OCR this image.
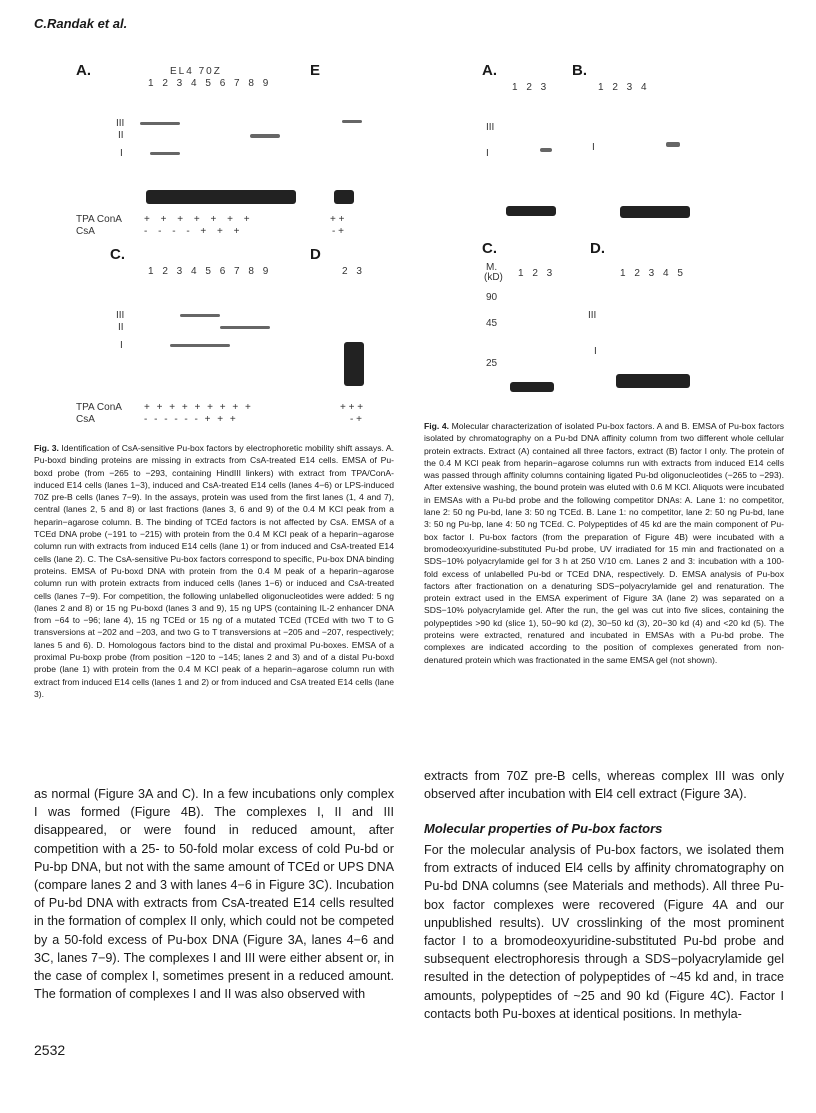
C.Randak et al.
A.	EL4 70Z
1 2 3 4 5 6 7 8 9
III
II
I
E
TPA ConA + + + + + + +	+ +
CsA	- - - - + + +	- +
C.
1 2 3 4 5 6 7 8 9
III
II
I
D
2 3
TPA ConA + + + + + + + + +	+ + +
CsA	- - - - - - + + +	- +
A.
1 2 3
III
I
B.
1 2 3 4
I
C.
M.
(kD) 1 2 3
90
45
25
D.
1 2 3 4 5
III
I
Fig. 3. Identification of CsA-sensitive Pu-box factors by electrophoretic mobility shift assays. A. Pu-boxd binding proteins are missing in extracts from CsA-treated E14 cells. EMSA of Pu-boxd probe (from −265 to −293, containing HindIII linkers) with extract from TPA/ConA-induced E14 cells (lanes 1−3), induced and CsA-treated E14 cells (lanes 4−6) or LPS-induced 70Z pre-B cells (lanes 7−9). In the assays, protein was used from the first lanes (1, 4 and 7), central (lanes 2, 5 and 8) or last fractions (lanes 3, 6 and 9) of the 0.4 M KCl peak from a heparin−agarose column. B. The binding of TCEd factors is not affected by CsA. EMSA of a TCEd DNA probe (−191 to −215) with protein from the 0.4 M KCl peak of a heparin−agarose column run with extracts from induced E14 cells (lane 1) or from induced and CsA-treated E14 cells (lane 2). C. The CsA-sensitive Pu-box factors correspond to specific, Pu-box DNA binding proteins. EMSA of Pu-boxd DNA with protein from the 0.4 M peak of a heparin−agarose column run with protein extracts from induced cells (lanes 1−6) or induced and CsA-treated cells (lanes 7−9). For competition, the following unlabelled oligonucleotides were added: 5 ng (lanes 2 and 8) or 15 ng Pu-boxd (lanes 3 and 9), 15 ng UPS (containing IL-2 enhancer DNA from −64 to −96; lane 4), 15 ng TCEd or 15 ng of a mutated TCEd (TCEd with two T to G transversions at −202 and −203, and two G to T transversions at −205 and −207, respectively; lanes 5 and 6). D. Homologous factors bind to the distal and proximal Pu-boxes. EMSA of a proximal Pu-boxp probe (from position −120 to −145; lanes 2 and 3) and of a distal Pu-boxd probe (lane 1) with protein from the 0.4 M KCl peak of a heparin−agarose column run with extract from induced E14 cells (lanes 1 and 2) or from induced and CsA treated E14 cells (lane 3).
Fig. 4. Molecular characterization of isolated Pu-box factors. A and B. EMSA of Pu-box factors isolated by chromatography on a Pu-bd DNA affinity column from two different whole cellular protein extracts. Extract (A) contained all three factors, extract (B) factor I only. The protein of the 0.4 M KCl peak from heparin−agarose columns run with extracts from induced E14 cells was passed through affinity columns containing ligated Pu-bd oligonucleotides (−265 to −293). After extensive washing, the bound protein was eluted with 0.6 M KCl. Aliquots were incubated in EMSAs with a Pu-bd probe and the following competitor DNAs: A. Lane 1: no competitor, lane 2: 50 ng Pu-bd, lane 3: 50 ng TCEd. B. Lane 1: no competitor, lane 2: 50 ng Pu-bd, lane 3: 50 ng Pu-bp, lane 4: 50 ng TCEd. C. Polypeptides of 45 kd are the main component of Pu-box factor I. Pu-box factors (from the preparation of Figure 4B) were incubated with a bromodeoxyuridine-substituted Pu-bd probe, UV irradiated for 15 min and fractionated on a SDS−10% polyacrylamide gel for 3 h at 250 V/10 cm. Lanes 2 and 3: incubation with a 100-fold excess of unlabelled Pu-bd or TCEd DNA, respectively. D. EMSA analysis of Pu-box factors after fractionation on a denaturing SDS−polyacrylamide gel and renaturation. The protein extract used in the EMSA experiment of Figure 3A (lane 2) was separated on a SDS−10% polyacrylamide gel. After the run, the gel was cut into five slices, containing the polypeptides >90 kd (slice 1), 50−90 kd (2), 30−50 kd (3), 20−30 kd (4) and <20 kd (5). The proteins were extracted, renatured and incubated in EMSAs with a Pu-bd probe. The complexes are indicated according to the position of complexes generated from non-denatured protein which was fractionated in the same EMSA gel (not shown).
as normal (Figure 3A and C). In a few incubations only complex I was formed (Figure 4B). The complexes I, II and III disappeared, or were found in reduced amount, after competition with a 25- to 50-fold molar excess of cold Pu-bd or Pu-bp DNA, but not with the same amount of TCEd or UPS DNA (compare lanes 2 and 3 with lanes 4−6 in Figure 3C). Incubation of Pu-bd DNA with extracts from CsA-treated E14 cells resulted in the formation of complex II only, which could not be competed by a 50-fold excess of Pu-box DNA (Figure 3A, lanes 4−6 and 3C, lanes 7−9). The complexes I and III were either absent or, in the case of complex I, sometimes present in a reduced amount. The formation of complexes I and II was also observed with
extracts from 70Z pre-B cells, whereas complex III was only observed after incubation with El4 cell extract (Figure 3A).
Molecular properties of Pu-box factors
For the molecular analysis of Pu-box factors, we isolated them from extracts of induced El4 cells by affinity chromatography on Pu-bd DNA columns (see Materials and methods). All three Pu-box factor complexes were recovered (Figure 4A and our unpublished results). UV crosslinking of the most prominent factor I to a bromodeoxyuridine-substituted Pu-bd probe and subsequent electrophoresis through a SDS−polyacrylamide gel resulted in the detection of polypeptides of ~45 kd and, in trace amounts, polypeptides of ~25 and 90 kd (Figure 4C). Factor I contacts both Pu-boxes at identical positions. In methyla-
2532
